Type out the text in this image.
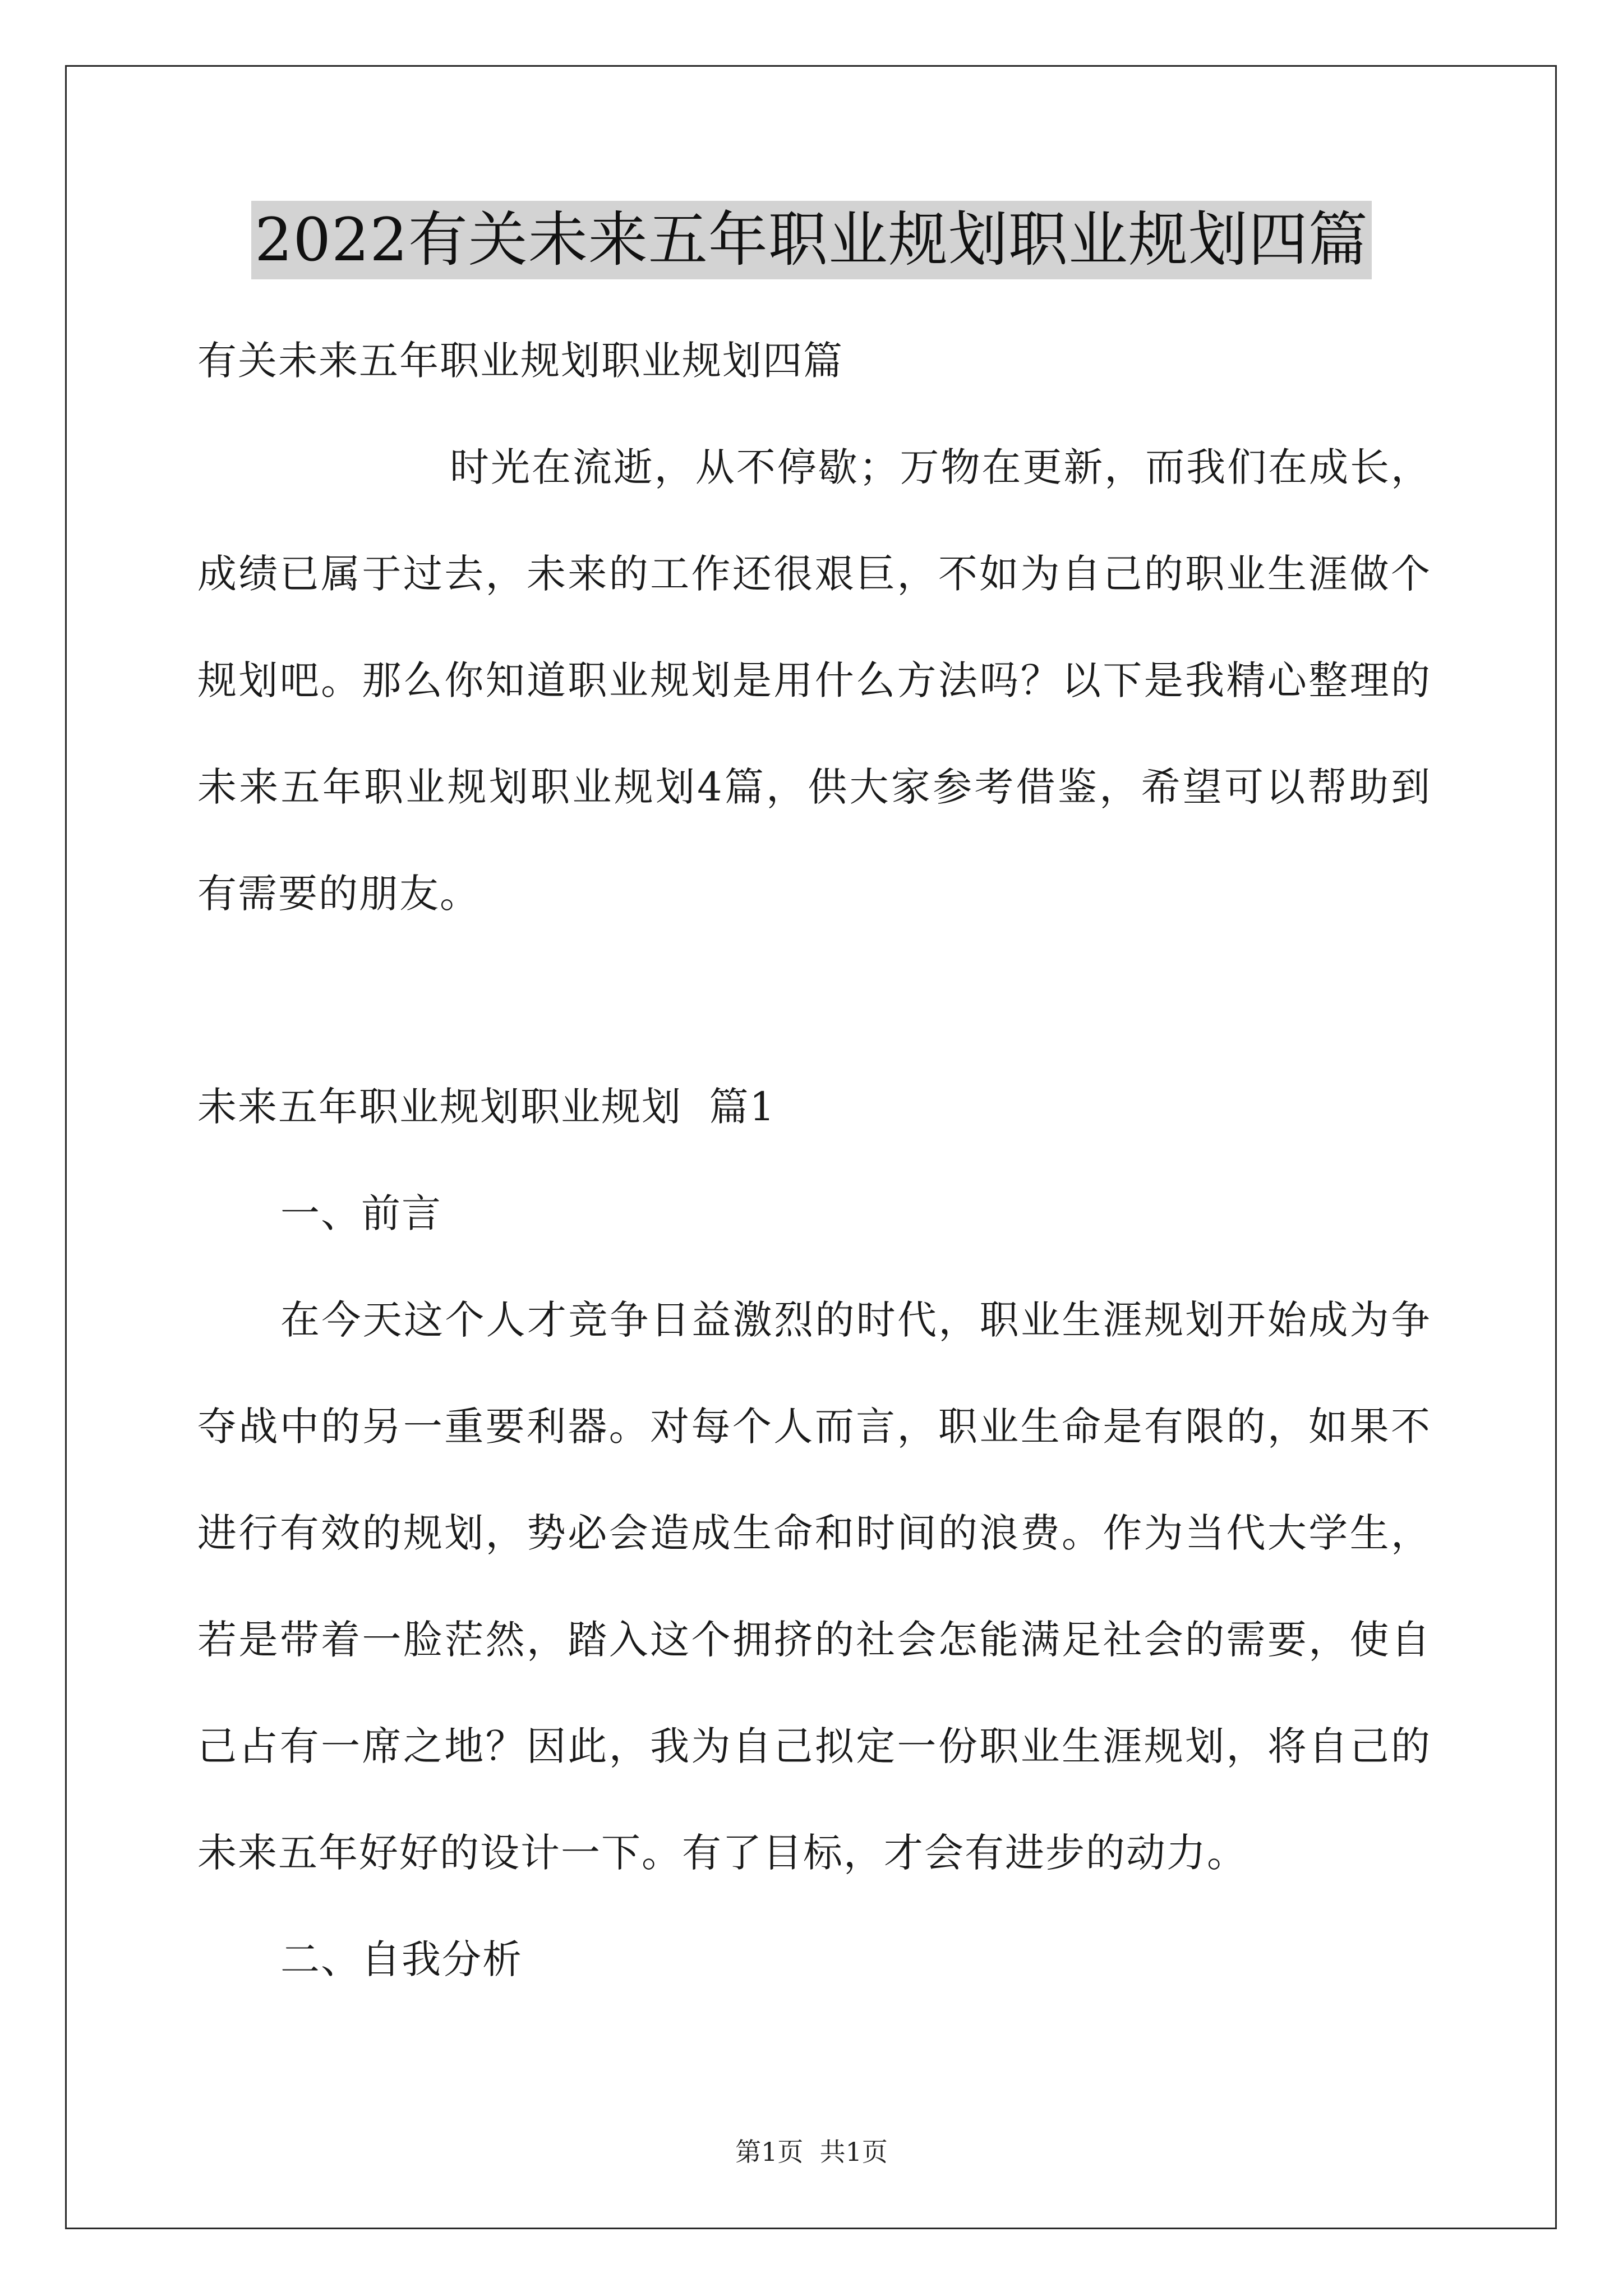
2022有关未来五年职业规划职业规划四篇
有关未来五年职业规划职业规划四篇
时光在流逝，从不停歇；万物在更新，而我们在成长，
成绩已属于过去，未来的工作还很艰巨，不如为自己的职业生涯做个
规划吧。那么你知道职业规划是用什么方法吗？以下是我精心整理的
未来五年职业规划职业规划4篇，供大家参考借鉴，希望可以帮助到
有需要的朋友。
未来五年职业规划职业规划  篇1
一、前言
在今天这个人才竞争日益激烈的时代，职业生涯规划开始成为争
夺战中的另一重要利器。对每个人而言，职业生命是有限的，如果不
进行有效的规划，势必会造成生命和时间的浪费。作为当代大学生，
若是带着一脸茫然，踏入这个拥挤的社会怎能满足社会的需要，使自
己占有一席之地？因此，我为自己拟定一份职业生涯规划，将自己的
未来五年好好的设计一下。有了目标，才会有进步的动力。
二、自我分析
第1页  共1页
